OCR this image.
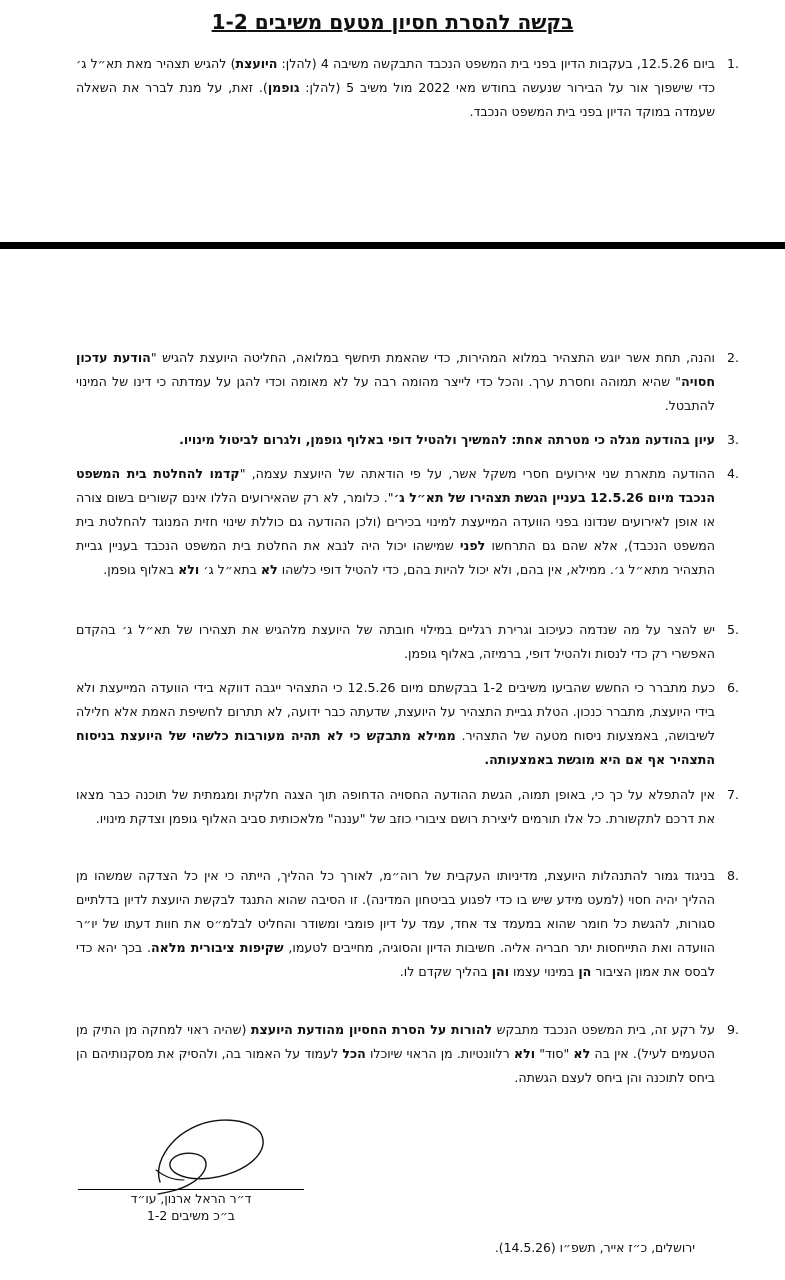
בקשה להסרת חסיון מטעם משיבים 1-2
.1
ביום 12.5.26, בעקבות הדיון בפני בית המשפט הנכבד התבקשה משיבה 4 (להלן: היועצת) להגיש תצהיר מאת תא״ל ג׳ כדי שישפוך אור על הבירור שנעשה בחודש מאי 2022 מול משיב 5 (להלן: גופמן). זאת, על מנת לברר את השאלה שעמדה במוקד הדיון בפני בית המשפט הנכבד.
.2
והנה, תחת אשר יוגש התצהיר במלוא המהירות, כדי שהאמת תיחשף במלואה, החליטה היועצת להגיש "הודעת עדכון חסויה" שהיא תמוהה וחסרת ערך. והכל כדי לייצר מהומה רבה על לא מאומה וכדי להגן על עמדתה כי דינו של המינוי להתבטל.
.3
עיון בהודעה מגלה כי מטרתה אחת: להמשיך ולהטיל דופי באלוף גופמן, ולגרום לביטול מינויו.
.4
ההודעה מתארת שני אירועים חסרי משקל אשר, על פי הודאתה של היועצת עצמה, "קדמו להחלטת בית המשפט הנכבד מיום 12.5.26 בעניין הגשת תצהירו של תא״ל ג׳". כלומר, לא רק שהאירועים הללו אינם קשורים בשום צורה או אופן לאירועים שנדונו בפני הוועדה המייעצת למינוי בכירים (ולכן ההודעה גם כוללת שינוי חזית המנוגד להחלטת בית המשפט הנכבד), אלא שהם גם התרחשו לפני שמישהו יכול היה לנבא את החלטת בית המשפט הנכבד בעניין גביית התצהיר מתא״ל ג׳. ממילא, אין בהם, ולא יכול להיות בהם, כדי להטיל דופי כלשהו לא בתא״ל ג׳ ולא באלוף גופמן.
.5
יש להצר על מה שנדמה כעיכוב וגרירת רגליים במילוי חובתה של היועצת מלהגיש את תצהירו של תא״ל ג׳ בהקדם האפשרי רק כדי לנסות ולהטיל דופי, ברמיזה, באלוף גופמן.
.6
כעת מתברר כי החשש שהביעו משיבים 1-2 בבקשתם מיום 12.5.26 כי התצהיר ייגבה דווקא בידי הוועדה המייעצת ולא בידי היועצת, מתברר כנכון. הטלת גביית התצהיר על היועצת, שדעתה כבר ידועה, לא תתרום לחשיפת האמת אלא חלילה לשיבושה, באמצעות ניסוח מטעה של התצהיר. ממילא מתבקש כי לא תהיה מעורבות כלשהי של היועצת בניסוח התצהיר אף אם היא מוגשת באמצעותה.
.7
אין להתפלא על כך כי, באופן תמוה, הגשת ההודעה החסויה הדחופה תוך הצגה חלקית ומגמתית של תוכנה כבר מצאו את דרכם לתקשורת. כל אלו תורמים ליצירת רושם ציבורי כוזב של "עננה" מלאכותית סביב האלוף גופמן וצדקת מינויו.
.8
בניגוד גמור להתנהלות היועצת, מדיניותו העקבית של רוה״מ, לאורך כל ההליך, הייתה כי אין כל הצדקה שמשהו מן ההליך יהיה חסוי (למעט מידע שיש בו כדי לפגוע בביטחון המדינה). זו הסיבה שהוא התנגד לבקשת היועצת לדיון בדלתיים סגורות, להגשת כל חומר שהוא במעמד צד אחד, עמד על דיון פומבי ומשודר והחליט לבלמ״ס את חוות דעתו של יו״ר הוועדה ואת התייחסות יתר חבריה אליה. חשיבות הדיון והסוגיה, מחייבים לטעמו, שקיפות ציבורית מלאה. בכך יהא כדי לבסס את אמון הציבור הן במינוי עצמו והן בהליך שקדם לו.
.9
על רקע זה, בית המשפט הנכבד מתבקש להורות על הסרת החסיון מהודעת היועצת (שהיה ראוי למחקה מן התיק מן הטעמים לעיל). אין בה לא "סוד" ולא רלוונטיות. מן הראוי שיוכלו הכל לעמוד על האמור בה, ולהסיק את מסקנותיהם הן ביחס לתוכנה והן ביחס לעצם הגשתה.
ד״ר הראל ארנון, עו״ד
ב״כ משיבים 1-2
ירושלים, כ״ז אייר, תשפ״ו (14.5.26).
